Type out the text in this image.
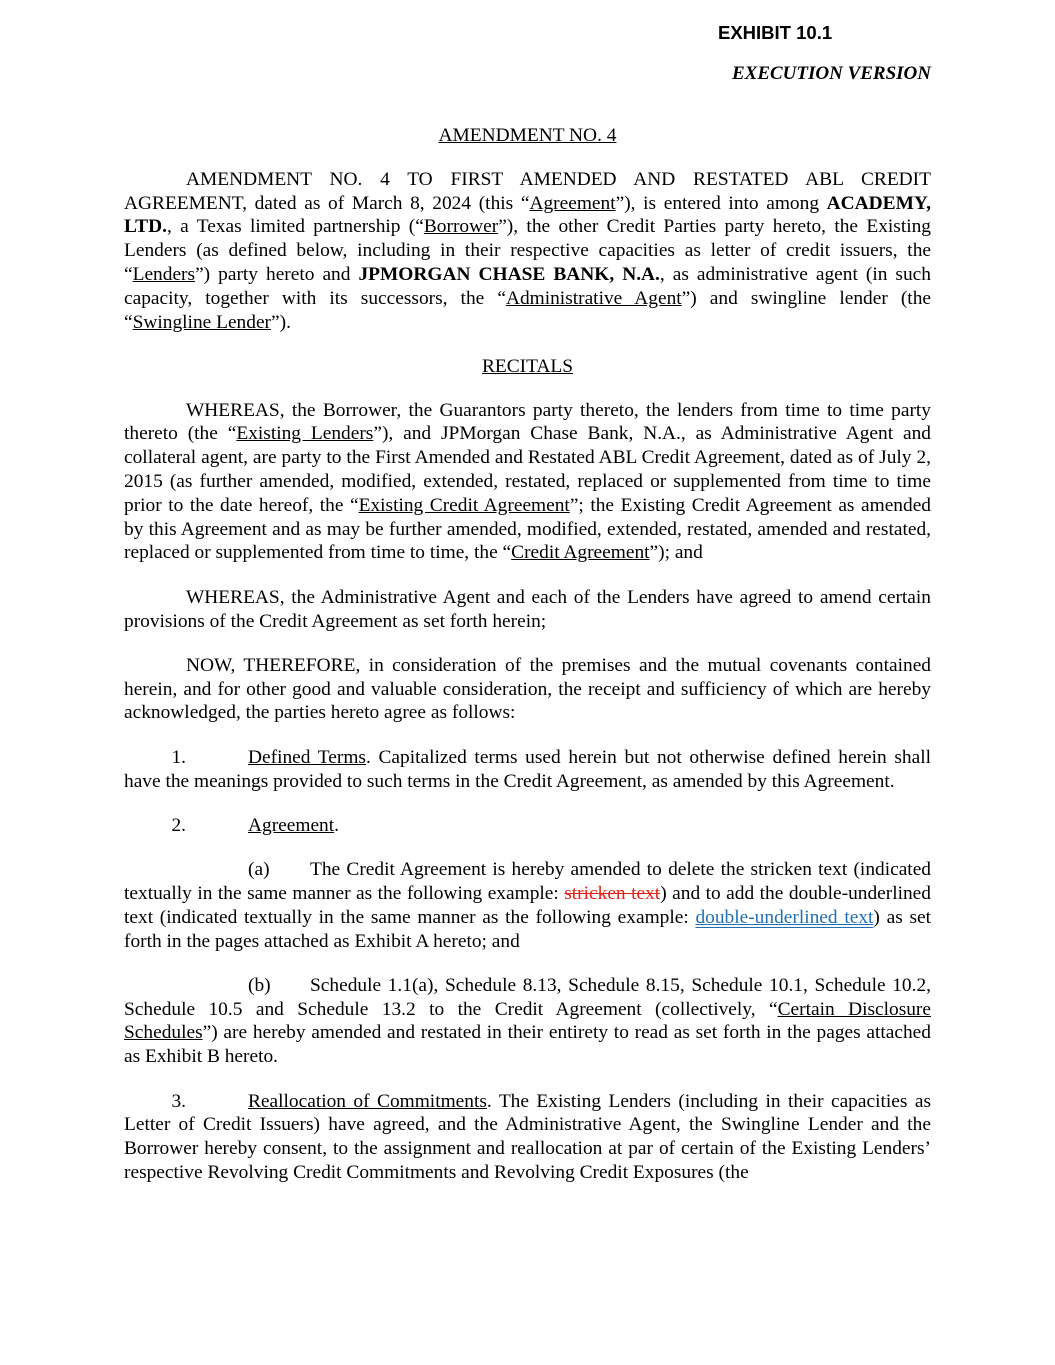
EXHIBIT 10.1
EXECUTION VERSION
AMENDMENT NO. 4

AMENDMENT NO. 4 TO FIRST AMENDED AND RESTATED ABL CREDIT AGREEMENT, dated as of March 8, 2024 (this “Agreement”), is entered into among ACADEMY, LTD., a Texas limited partnership (“Borrower”), the other Credit Parties party hereto, the Existing Lenders (as defined below, including in their respective capacities as letter of credit issuers, the “Lenders”) party hereto and JPMORGAN CHASE BANK, N.A., as administrative agent (in such capacity, together with its successors, the “Administrative Agent”) and swingline lender (the “Swingline Lender”).

RECITALS

WHEREAS, the Borrower, the Guarantors party thereto, the lenders from time to time party thereto (the “Existing Lenders”), and JPMorgan Chase Bank, N.A., as Administrative Agent and collateral agent, are party to the First Amended and Restated ABL Credit Agreement, dated as of July 2, 2015 (as further amended, modified, extended, restated, replaced or supplemented from time to time prior to the date hereof, the “Existing Credit Agreement”; the Existing Credit Agreement as amended by this Agreement and as may be further amended, modified, extended, restated, amended and restated, replaced or supplemented from time to time, the “Credit Agreement”); and

WHEREAS, the Administrative Agent and each of the Lenders have agreed to amend certain provisions of the Credit Agreement as set forth herein;

NOW, THEREFORE, in consideration of the premises and the mutual covenants contained herein, and for other good and valuable consideration, the receipt and sufficiency of which are hereby acknowledged, the parties hereto agree as follows:

1.	Defined Terms. Capitalized terms used herein but not otherwise defined herein shall have the meanings provided to such terms in the Credit Agreement, as amended by this Agreement.

2.	Agreement.

(a) The Credit Agreement is hereby amended to delete the stricken text (indicated textually in the same manner as the following example: stricken text) and to add the double-underlined text (indicated textually in the same manner as the following example: double-underlined text) as set forth in the pages attached as Exhibit A hereto; and

(b) Schedule 1.1(a), Schedule 8.13, Schedule 8.15, Schedule 10.1, Schedule 10.2, Schedule 10.5 and Schedule 13.2 to the Credit Agreement (collectively, “Certain Disclosure Schedules”) are hereby amended and restated in their entirety to read as set forth in the pages attached as Exhibit B hereto.

3.	Reallocation of Commitments. The Existing Lenders (including in their capacities as Letter of Credit Issuers) have agreed, and the Administrative Agent, the Swingline Lender and the Borrower hereby consent, to the assignment and reallocation at par of certain of the Existing Lenders’ respective Revolving Credit Commitments and Revolving Credit Exposures (the
